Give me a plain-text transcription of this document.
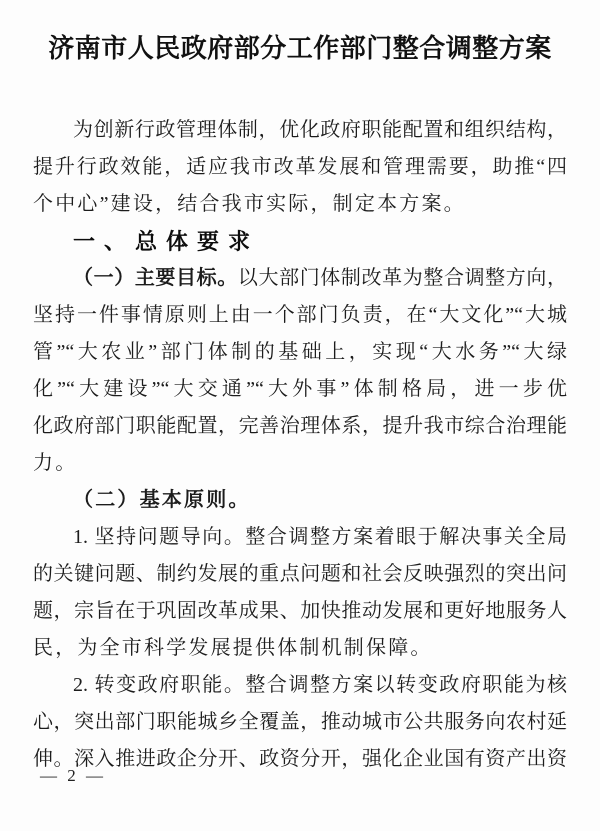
济南市人民政府部分工作部门整合调整方案
为创新行政管理体制，优化政府职能配置和组织结构，
提升行政效能，适应我市改革发展和管理需要，助推“四
个中心”建设，结合我市实际，制定本方案。
一、总体要求
（一）主要目标。以大部门体制改革为整合调整方向，
坚持一件事情原则上由一个部门负责，在“大文化”“大城
管”“大农业”部门体制的基础上，实现“大水务”“大绿
化”“大建设”“大交通”“大外事”体制格局，进一步优
化政府部门职能配置，完善治理体系，提升我市综合治理能
力。
（二）基本原则。
1. 坚持问题导向。整合调整方案着眼于解决事关全局
的关键问题、制约发展的重点问题和社会反映强烈的突出问
题，宗旨在于巩固改革成果、加快推动发展和更好地服务人
民，为全市科学发展提供体制机制保障。
2. 转变政府职能。整合调整方案以转变政府职能为核
心，突出部门职能城乡全覆盖，推动城市公共服务向农村延
伸。深入推进政企分开、政资分开，强化企业国有资产出资
— 2 —
